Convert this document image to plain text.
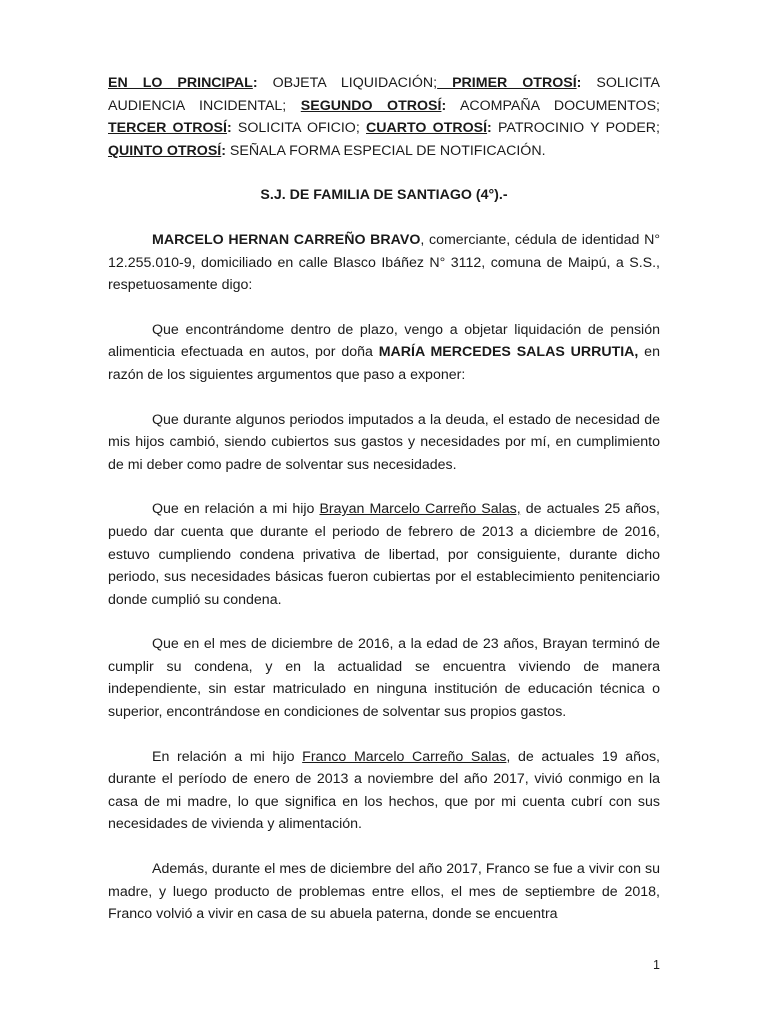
EN LO PRINCIPAL: OBJETA LIQUIDACIÓN; PRIMER OTROSÍ: SOLICITA AUDIENCIA INCIDENTAL; SEGUNDO OTROSÍ: ACOMPAÑA DOCUMENTOS; TERCER OTROSÍ: SOLICITA OFICIO; CUARTO OTROSÍ: PATROCINIO Y PODER; QUINTO OTROSÍ: SEÑALA FORMA ESPECIAL DE NOTIFICACIÓN.

S.J. DE FAMILIA DE SANTIAGO (4°).-

MARCELO HERNAN CARREÑO BRAVO, comerciante, cédula de identidad N° 12.255.010-9, domiciliado en calle Blasco Ibáñez N° 3112, comuna de Maipú, a S.S., respetuosamente digo:

Que encontrándome dentro de plazo, vengo a objetar liquidación de pensión alimenticia efectuada en autos, por doña MARÍA MERCEDES SALAS URRUTIA, en razón de los siguientes argumentos que paso a exponer:

Que durante algunos periodos imputados a la deuda, el estado de necesidad de mis hijos cambió, siendo cubiertos sus gastos y necesidades por mí, en cumplimiento de mi deber como padre de solventar sus necesidades.

Que en relación a mi hijo Brayan Marcelo Carreño Salas, de actuales 25 años, puedo dar cuenta que durante el periodo de febrero de 2013 a diciembre de 2016, estuvo cumpliendo condena privativa de libertad, por consiguiente, durante dicho periodo, sus necesidades básicas fueron cubiertas por el establecimiento penitenciario donde cumplió su condena.

Que en el mes de diciembre de 2016, a la edad de 23 años, Brayan terminó de cumplir su condena, y en la actualidad se encuentra viviendo de manera independiente, sin estar matriculado en ninguna institución de educación técnica o superior, encontrándose en condiciones de solventar sus propios gastos.

En relación a mi hijo Franco Marcelo Carreño Salas, de actuales 19 años, durante el período de enero de 2013 a noviembre del año 2017, vivió conmigo en la casa de mi madre, lo que significa en los hechos, que por mi cuenta cubrí con sus necesidades de vivienda y alimentación.

Además, durante el mes de diciembre del año 2017, Franco se fue a vivir con su madre, y luego producto de problemas entre ellos, el mes de septiembre de 2018, Franco volvió a vivir en casa de su abuela paterna, donde se encuentra

1
